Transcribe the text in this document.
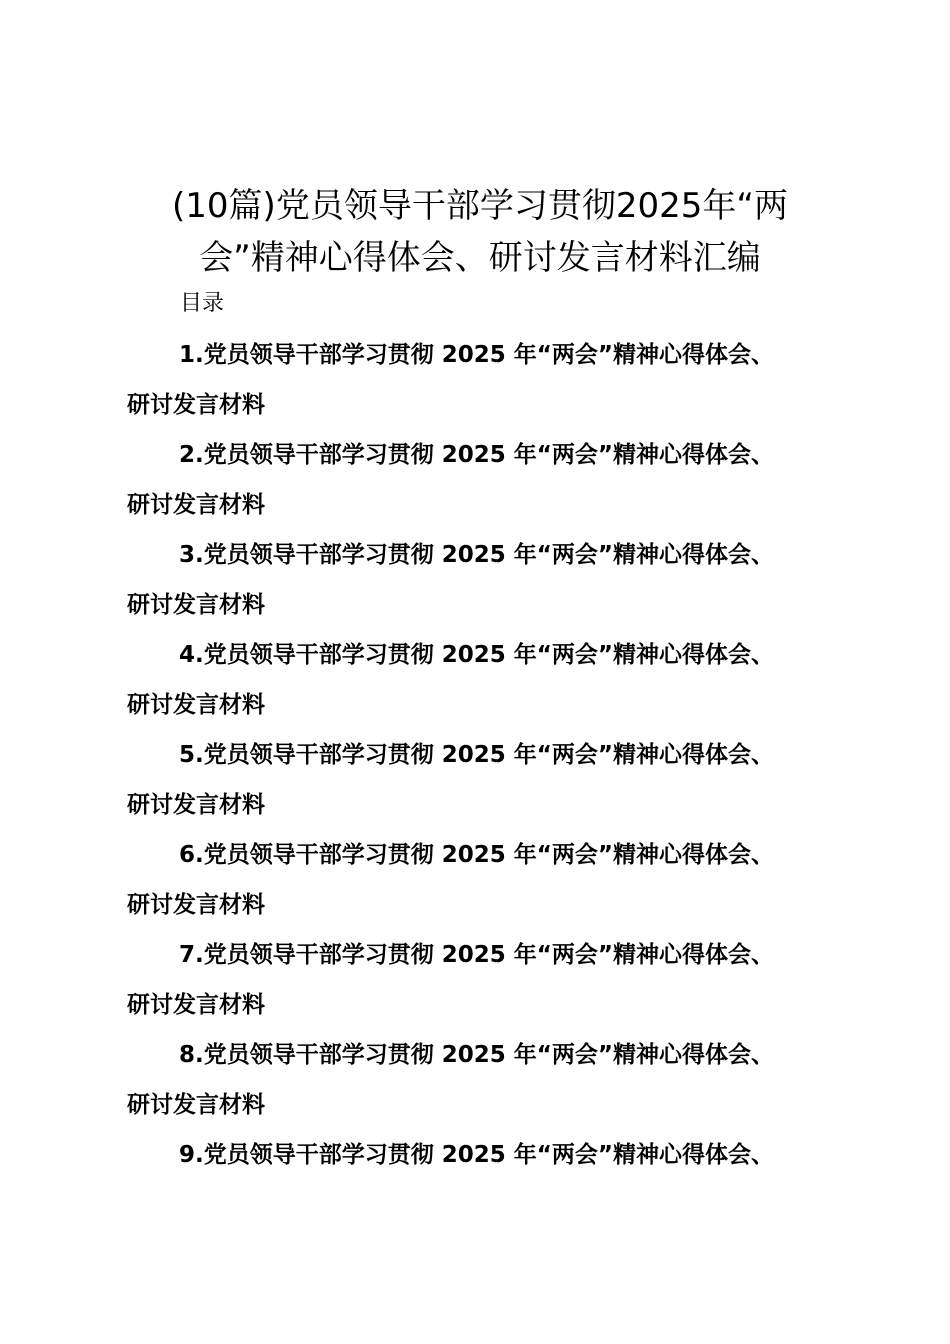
(10篇)党员领导干部学习贯彻2025年“两
会”精神心得体会、研讨发言材料汇编
目录
1.党员领导干部学习贯彻 2025 年“两会”精神心得体会、
研讨发言材料
2.党员领导干部学习贯彻 2025 年“两会”精神心得体会、
研讨发言材料
3.党员领导干部学习贯彻 2025 年“两会”精神心得体会、
研讨发言材料
4.党员领导干部学习贯彻 2025 年“两会”精神心得体会、
研讨发言材料
5.党员领导干部学习贯彻 2025 年“两会”精神心得体会、
研讨发言材料
6.党员领导干部学习贯彻 2025 年“两会”精神心得体会、
研讨发言材料
7.党员领导干部学习贯彻 2025 年“两会”精神心得体会、
研讨发言材料
8.党员领导干部学习贯彻 2025 年“两会”精神心得体会、
研讨发言材料
9.党员领导干部学习贯彻 2025 年“两会”精神心得体会、
